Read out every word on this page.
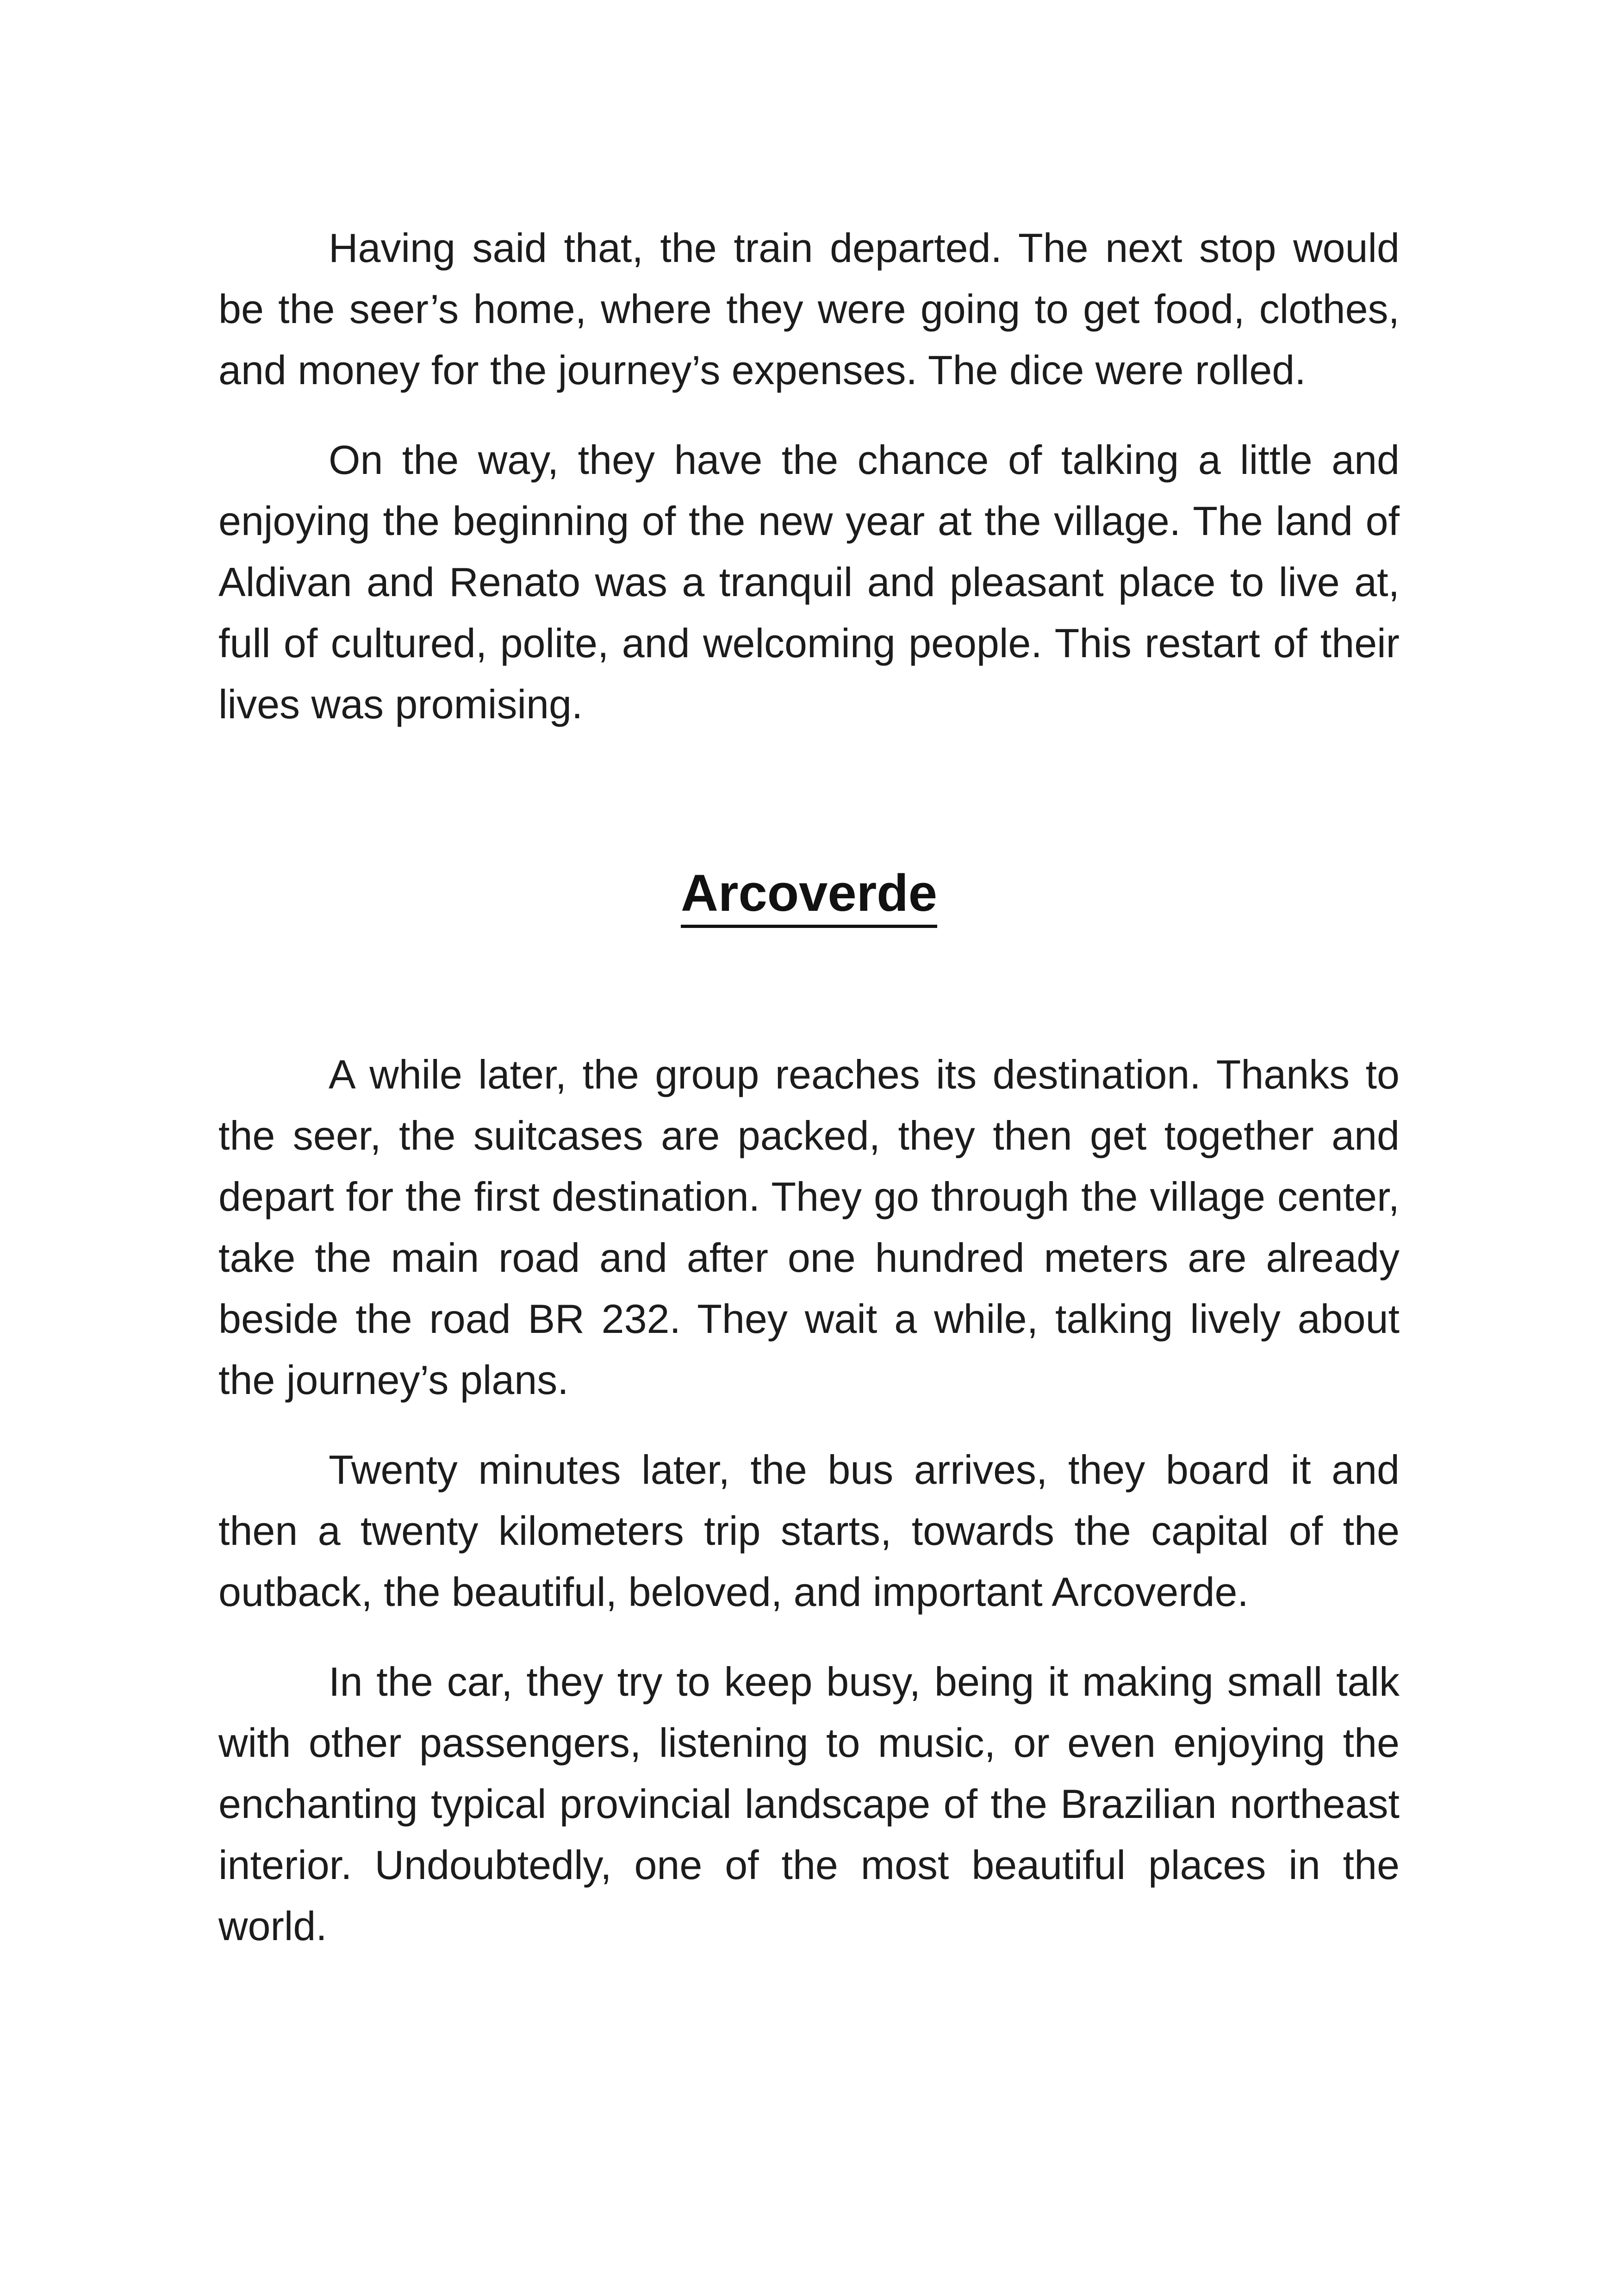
Having said that, the train departed. The next stop would be the seer’s home, where they were going to get food, clothes, and money for the journey’s expenses. The dice were rolled.

On the way, they have the chance of talking a little and enjoying the beginning of the new year at the village. The land of Aldivan and Renato was a tranquil and pleasant place to live at, full of cultured, polite, and welcoming people. This restart of their lives was promising.

Arcoverde

A while later, the group reaches its destination. Thanks to the seer, the suitcases are packed, they then get together and depart for the first destination. They go through the village center, take the main road and after one hundred meters are already beside the road BR 232. They wait a while, talking lively about the journey’s plans.

Twenty minutes later, the bus arrives, they board it and then a twenty kilometers trip starts, towards the capital of the outback, the beautiful, beloved, and important Arcoverde.

In the car, they try to keep busy, being it making small talk with other passengers, listening to music, or even enjoying the enchanting typical provincial landscape of the Brazilian northeast interior. Undoubtedly, one of the most beautiful places in the world.
